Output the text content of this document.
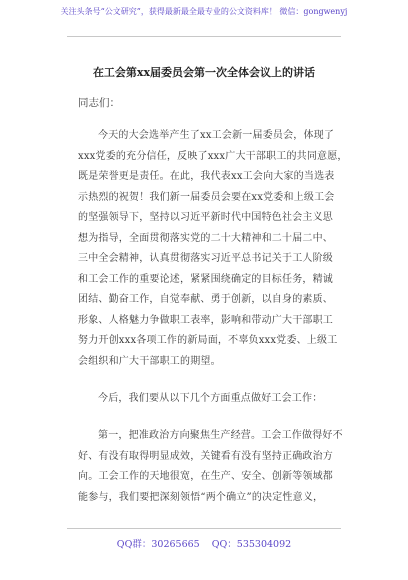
关注头条号“公文研究”，获得最新最全最专业的公文资料库！ 微信：gongwenyj
在工会第xx届委员会第一次全体会议上的讲话
同志们：
今天的大会选举产生了xx工会新一届委员会，体现了
xxx党委的充分信任，反映了xxx广大干部职工的共同意愿，
既是荣誉更是责任。在此，我代表xx工会向大家的当选表
示热烈的祝贺！我们新一届委员会要在xx党委和上级工会
的坚强领导下，坚持以习近平新时代中国特色社会主义思
想为指导，全面贯彻落实党的二十大精神和二十届二中、
三中全会精神，认真贯彻落实习近平总书记关于工人阶级
和工会工作的重要论述，紧紧围绕确定的目标任务，精诚
团结、勤奋工作，自觉奉献、勇于创新，以自身的素质、
形象、人格魅力争做职工表率，影响和带动广大干部职工
努力开创xxx各项工作的新局面，不辜负xxx党委、上级工
会组织和广大干部职工的期望。
今后，我们要从以下几个方面重点做好工会工作：
第一，把准政治方向聚焦生产经营。工会工作做得好不
好、有没有取得明显成效，关键看有没有坚持正确政治方
向。工会工作的天地很宽，在生产、安全、创新等领域都
能参与，我们要把深刻领悟“两个确立”的决定性意义，
QQ群：30265665 QQ：535304092
